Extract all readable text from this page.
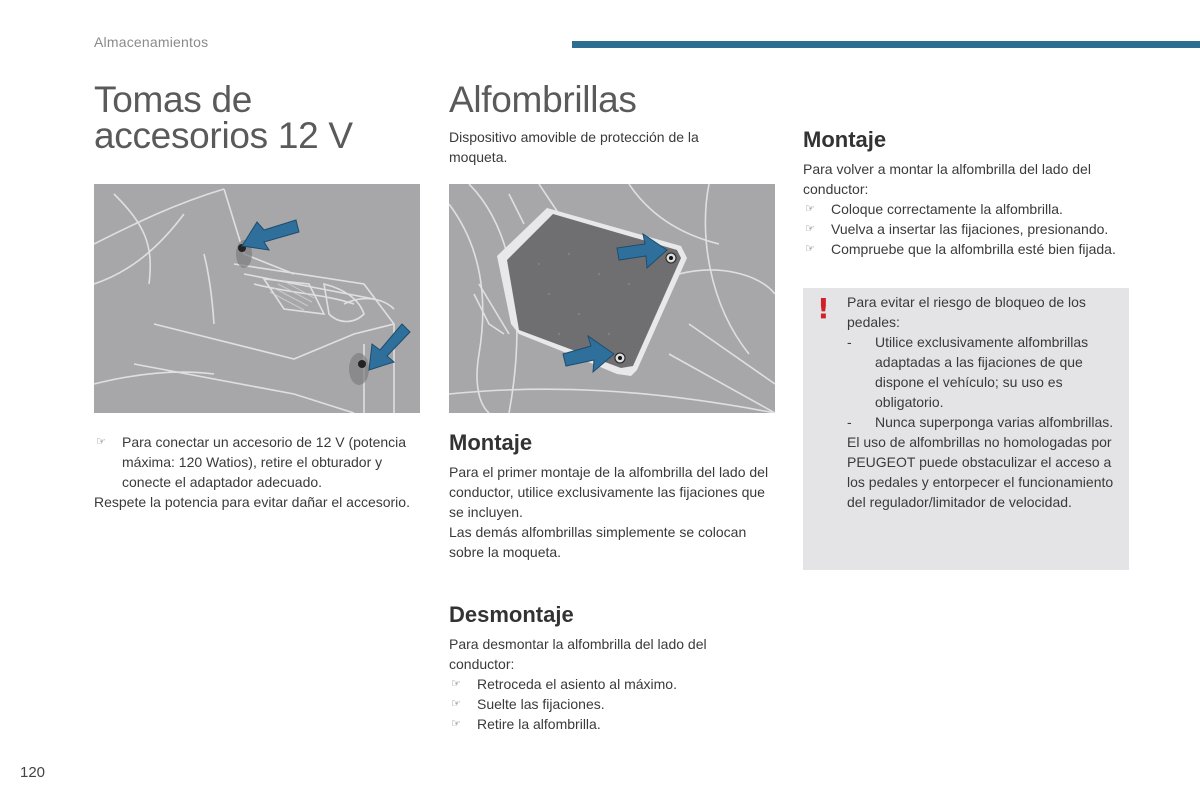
Almacenamientos
Tomas de
accesorios 12 V
☞ Para conectar un accesorio de 12 V (potencia máxima: 120 Watios), retire el obturador y conecte el adaptador adecuado.

Respete la potencia para evitar dañar el accesorio.

Alfombrillas

Dispositivo amovible de protección de la moqueta.

Montaje

Para el primer montaje de la alfombrilla del lado del conductor, utilice exclusivamente las fijaciones que se incluyen.

Las demás alfombrillas simplemente se colocan sobre la moqueta.

Desmontaje

Para desmontar la alfombrilla del lado del conductor:

☞ Retroceda el asiento al máximo.
☞ Suelte las fijaciones.
☞ Retire la alfombrilla.
Montaje

Para volver a montar la alfombrilla del lado del conductor:

☞ Coloque correctamente la alfombrilla.
☞ Vuelva a insertar las fijaciones, presionando.
☞ Compruebe que la alfombrilla esté bien fijada.
! Para evitar el riesgo de bloqueo de los pedales:

- Utilice exclusivamente alfombrillas adaptadas a las fijaciones de que dispone el vehículo; su uso es obligatorio.
- Nunca superponga varias alfombrillas.

El uso de alfombrillas no homologadas por PEUGEOT puede obstaculizar el acceso a los pedales y entorpecer el funcionamiento del regulador/limitador de velocidad.

120
